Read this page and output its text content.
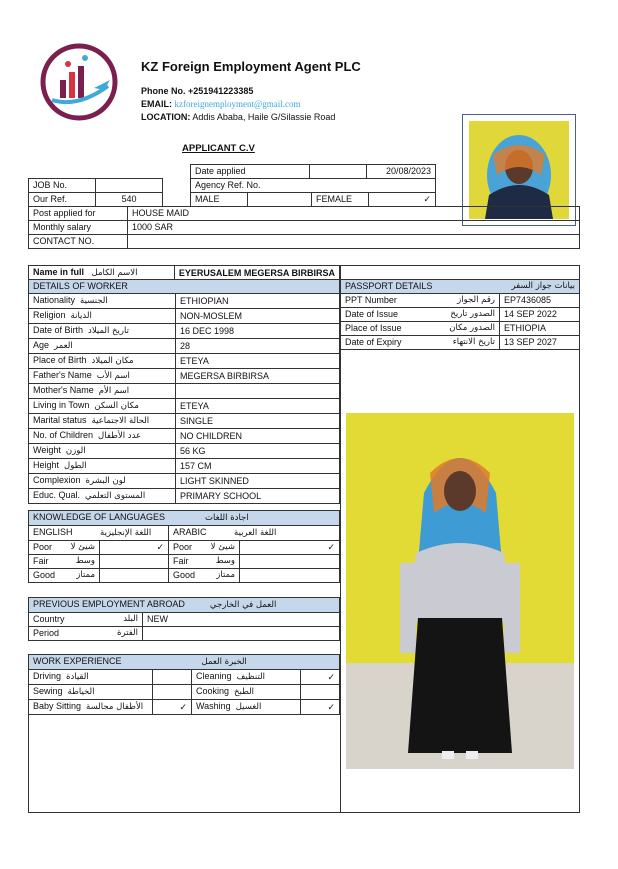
KZ Foreign Employment Agent PLC
Phone No. +251941223385
EMAIL: kzforeignemployment@gmail.com
LOCATION: Addis Ababa, Haile G/Silassie Road
APPLICANT C.V
Date applied		20/08/2023
JOB No.	
Our Ref.	540
Agency Ref. No.
MALE		FEMALE	✓
Post applied for	HOUSE MAID
Monthly salary	1000 SAR
CONTACT NO.	
Name in full الاسم الكامل	EYERUSALEM MEGERSA BIRBIRSA
DETAILS OF WORKER	
Nationality الجنسية	ETHIOPIAN
Religion الديانة	NON-MOSLEM
Date of Birth تاريخ الميلاد	16 DEC 1998
Age العمر	28
Place of Birth مكان الميلاد	ETEYA
Father's Name اسم الأب	MEGERSA BIRBIRSA
Mother's Name اسم الأم	
Living in Town مكان السكن	ETEYA
Marital status الحالة الاجتماعية	SINGLE
No. of Children عدد الأطفال	NO CHILDREN
Weight الوزن	56 KG
Height الطول	157 CM
Complexion لون البشرة	LIGHT SKINNED
Educ. Qual. المستوى التعلمي	PRIMARY SCHOOL
PASSPORT DETAILS بيانات جواز السفر	

PPT Number رقم الجواز	EP7436085
Date of Issue الصدور تاريخ	14 SEP 2022
Place of Issue الصدور مكان	ETHIOPIA
Date of Expiry تاريخ الانتهاء	13 SEP 2027
KNOWLEDGE OF LANGUAGES اجادة اللغات			
ENGLISH اللغة الإنجليزية		ARABIC اللغة العربية	
Poor شيئ لا	✓	Poor شيئ لا	✓
Fair وسط		Fair وسط	

Good ممتاز		Good ممتاز	

PREVIOUS EMPLOYMENT ABROAD العمل في الخارجي	
Country البلد	NEW
Period الفترة	

WORK EXPERIENCE الخبرة العمل			
Driving القيادة		Cleaning التنظيف	✓
Sewing الخياطة		Cooking الطبخ	
Baby Sitting الأطفال مجالسة	✓	Washing الغسيل	✓
